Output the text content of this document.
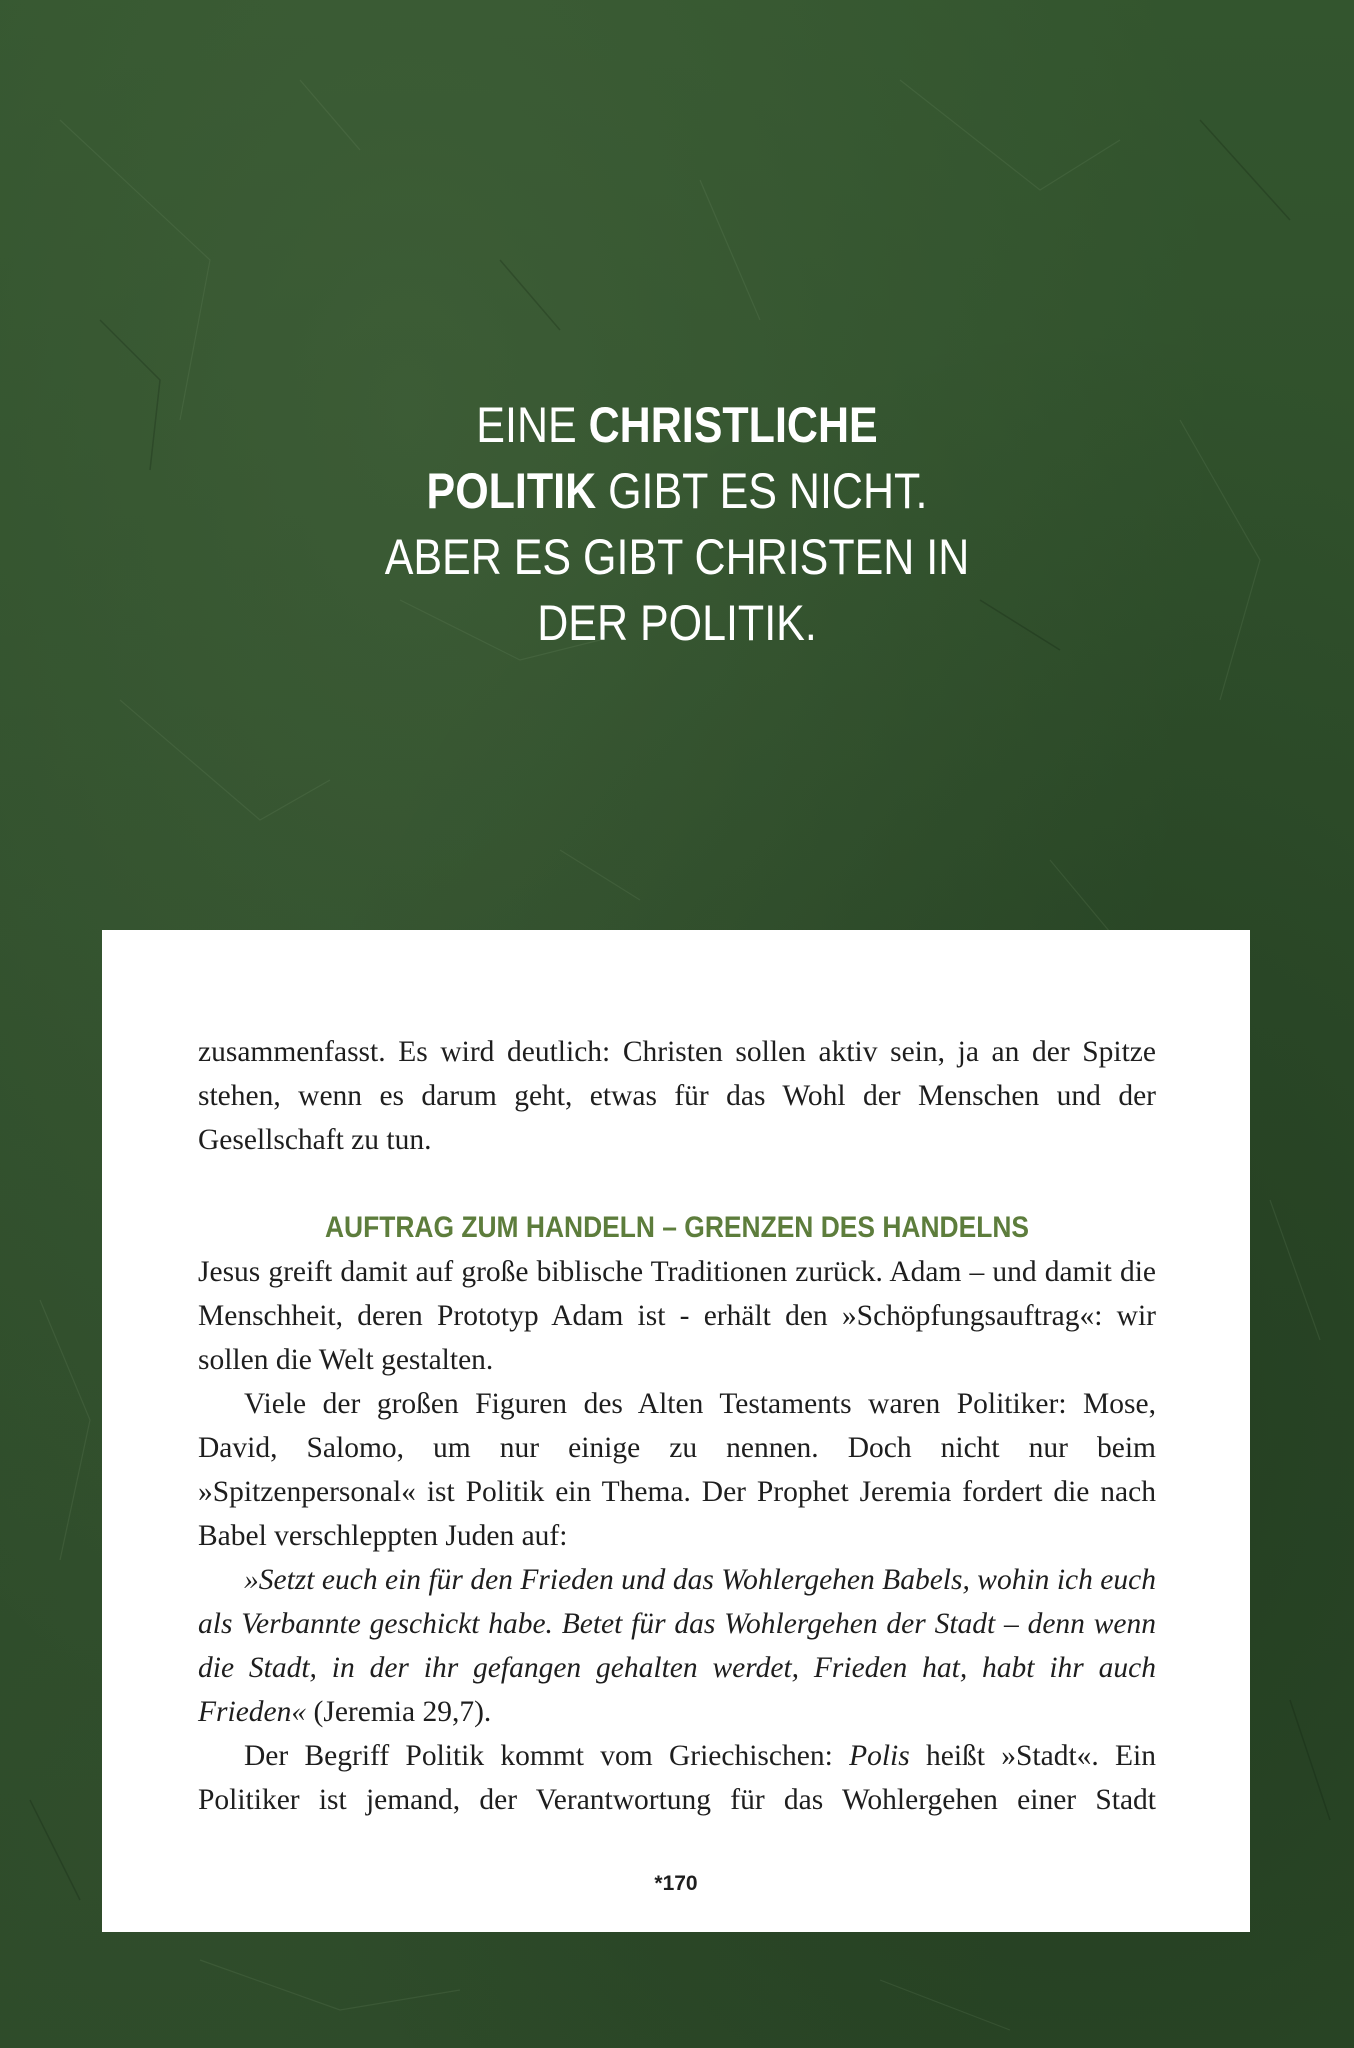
EINE CHRISTLICHE
POLITIK GIBT ES NICHT.
ABER ES GIBT CHRISTEN IN
DER POLITIK.

zusammenfasst. Es wird deutlich: Christen sollen aktiv sein, ja an der Spitze stehen, wenn es darum geht, etwas für das Wohl der Menschen und der Gesellschaft zu tun.

AUFTRAG ZUM HANDELN – GRENZEN DES HANDELNS

Jesus greift damit auf große biblische Traditionen zurück. Adam – und damit die Menschheit, deren Prototyp Adam ist - erhält den »Schöpfungsauftrag«: wir sollen die Welt gestalten.

Viele der großen Figuren des Alten Testaments waren Politiker: Mose, David, Salomo, um nur einige zu nennen. Doch nicht nur beim »Spitzenpersonal« ist Politik ein Thema. Der Prophet Jeremia fordert die nach Babel verschleppten Juden auf:

»Setzt euch ein für den Frieden und das Wohlergehen Babels, wohin ich euch als Verbannte geschickt habe. Betet für das Wohlergehen der Stadt – denn wenn die Stadt, in der ihr gefangen gehalten werdet, Frieden hat, habt ihr auch Frieden« (Jeremia 29,7).

Der Begriff Politik kommt vom Griechischen: Polis heißt »Stadt«. Ein Politiker ist jemand, der Verantwortung für das Wohlergehen einer Stadt

*170
